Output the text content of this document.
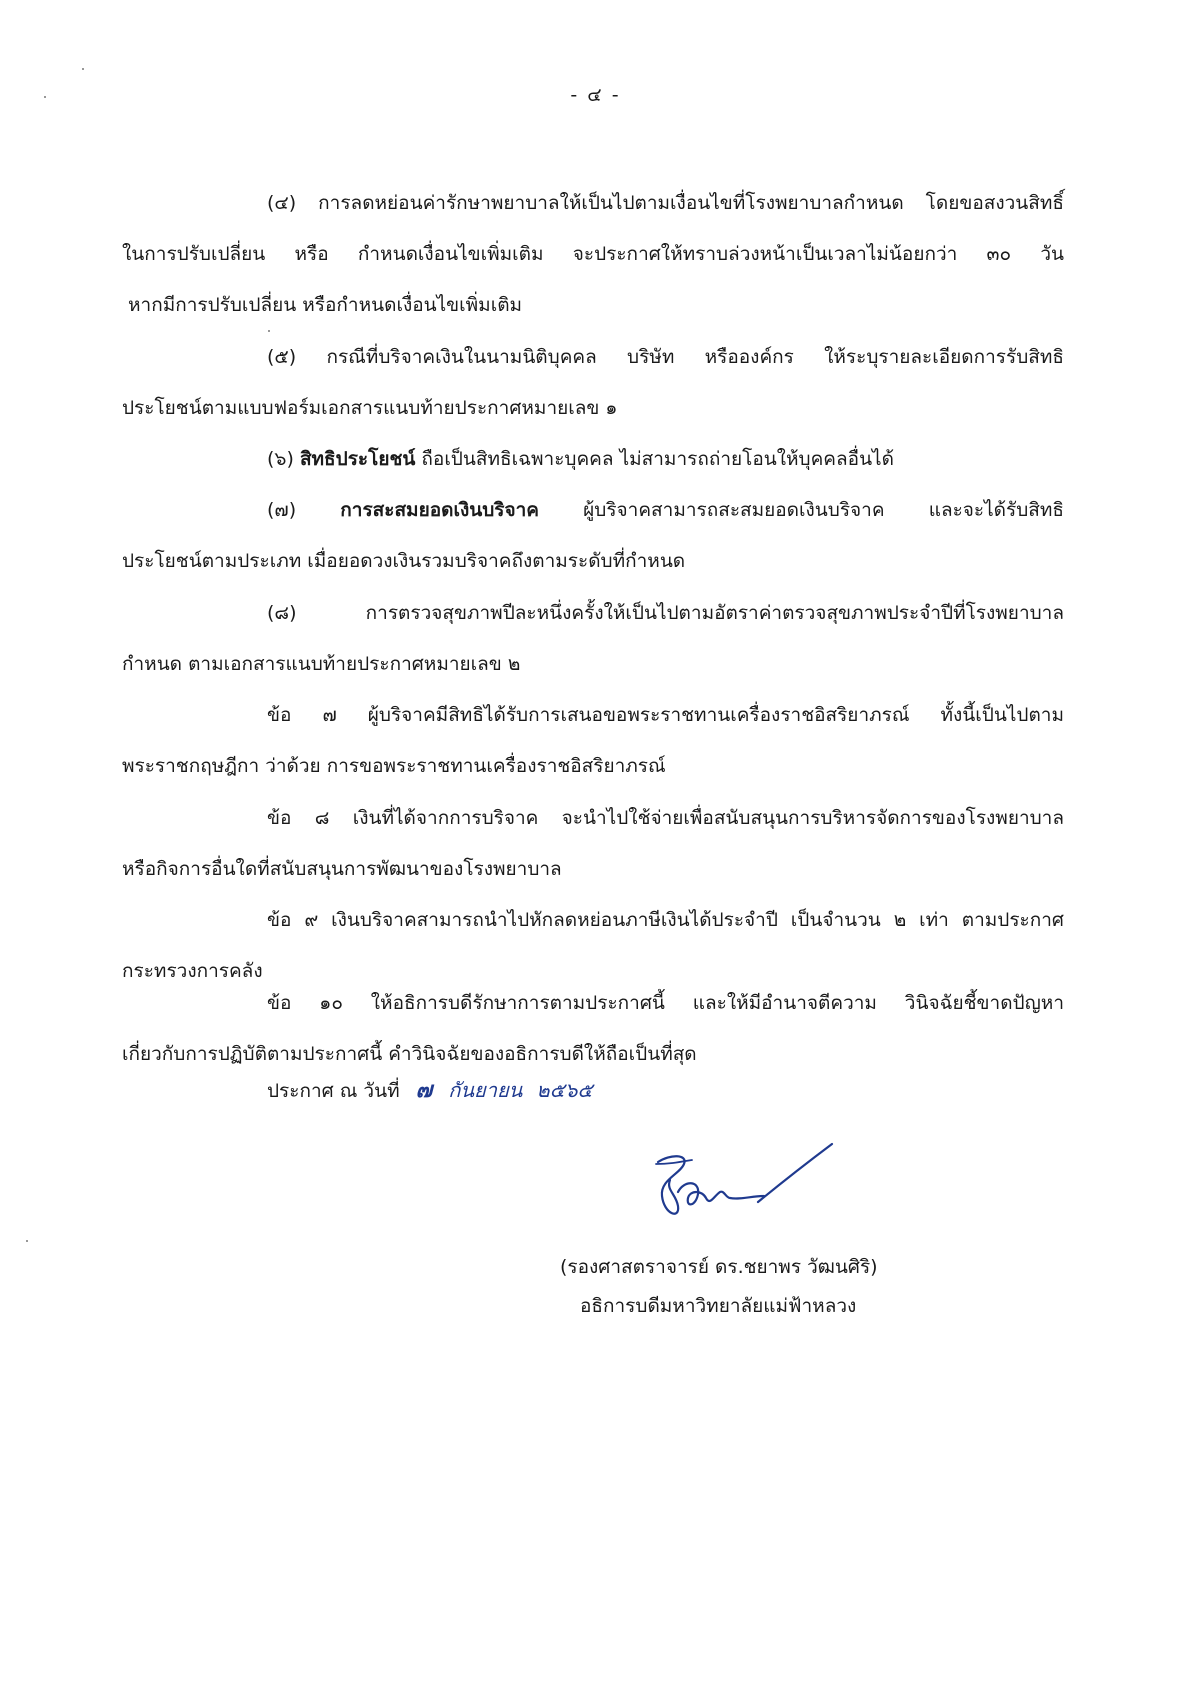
- ๔ -
(๔) การลดหย่อนค่ารักษาพยาบาลให้เป็นไปตามเงื่อนไขที่โรงพยาบาลกำหนด โดยขอสงวนสิทธิ์
ในการปรับเปลี่ยน หรือ กำหนดเงื่อนไขเพิ่มเติม จะประกาศให้ทราบล่วงหน้าเป็นเวลาไม่น้อยกว่า ๓๐ วัน
หากมีการปรับเปลี่ยน หรือกำหนดเงื่อนไขเพิ่มเติม
(๕) กรณีที่บริจาคเงินในนามนิติบุคคล บริษัท หรือองค์กร ให้ระบุรายละเอียดการรับสิทธิ
ประโยชน์ตามแบบฟอร์มเอกสารแนบท้ายประกาศหมายเลข ๑
(๖) สิทธิประโยชน์ ถือเป็นสิทธิเฉพาะบุคคล ไม่สามารถถ่ายโอนให้บุคคลอื่นได้
(๗) การสะสมยอดเงินบริจาค ผู้บริจาคสามารถสะสมยอดเงินบริจาค และจะได้รับสิทธิ
ประโยชน์ตามประเภท เมื่อยอดวงเงินรวมบริจาคถึงตามระดับที่กำหนด
(๘) การตรวจสุขภาพปีละหนึ่งครั้งให้เป็นไปตามอัตราค่าตรวจสุขภาพประจำปีที่โรงพยาบาล
กำหนด ตามเอกสารแนบท้ายประกาศหมายเลข ๒
ข้อ ๗ ผู้บริจาคมีสิทธิได้รับการเสนอขอพระราชทานเครื่องราชอิสริยาภรณ์ ทั้งนี้เป็นไปตาม
พระราชกฤษฎีกา ว่าด้วย การขอพระราชทานเครื่องราชอิสริยาภรณ์
ข้อ ๘ เงินที่ได้จากการบริจาค จะนำไปใช้จ่ายเพื่อสนับสนุนการบริหารจัดการของโรงพยาบาล
หรือกิจการอื่นใดที่สนับสนุนการพัฒนาของโรงพยาบาล
ข้อ ๙ เงินบริจาคสามารถนำไปหักลดหย่อนภาษีเงินได้ประจำปี เป็นจำนวน ๒ เท่า ตามประกาศ
กระทรวงการคลัง
ข้อ ๑๐ ให้อธิการบดีรักษาการตามประกาศนี้ และให้มีอำนาจตีความ วินิจฉัยชี้ขาดปัญหา
เกี่ยวกับการปฏิบัติตามประกาศนี้ คำวินิจฉัยของอธิการบดีให้ถือเป็นที่สุด
ประกาศ ณ วันที่ ๗ กันยายน ๒๕๖๕
(รองศาสตราจารย์ ดร.ชยาพร วัฒนศิริ)
อธิการบดีมหาวิทยาลัยแม่ฟ้าหลวง
